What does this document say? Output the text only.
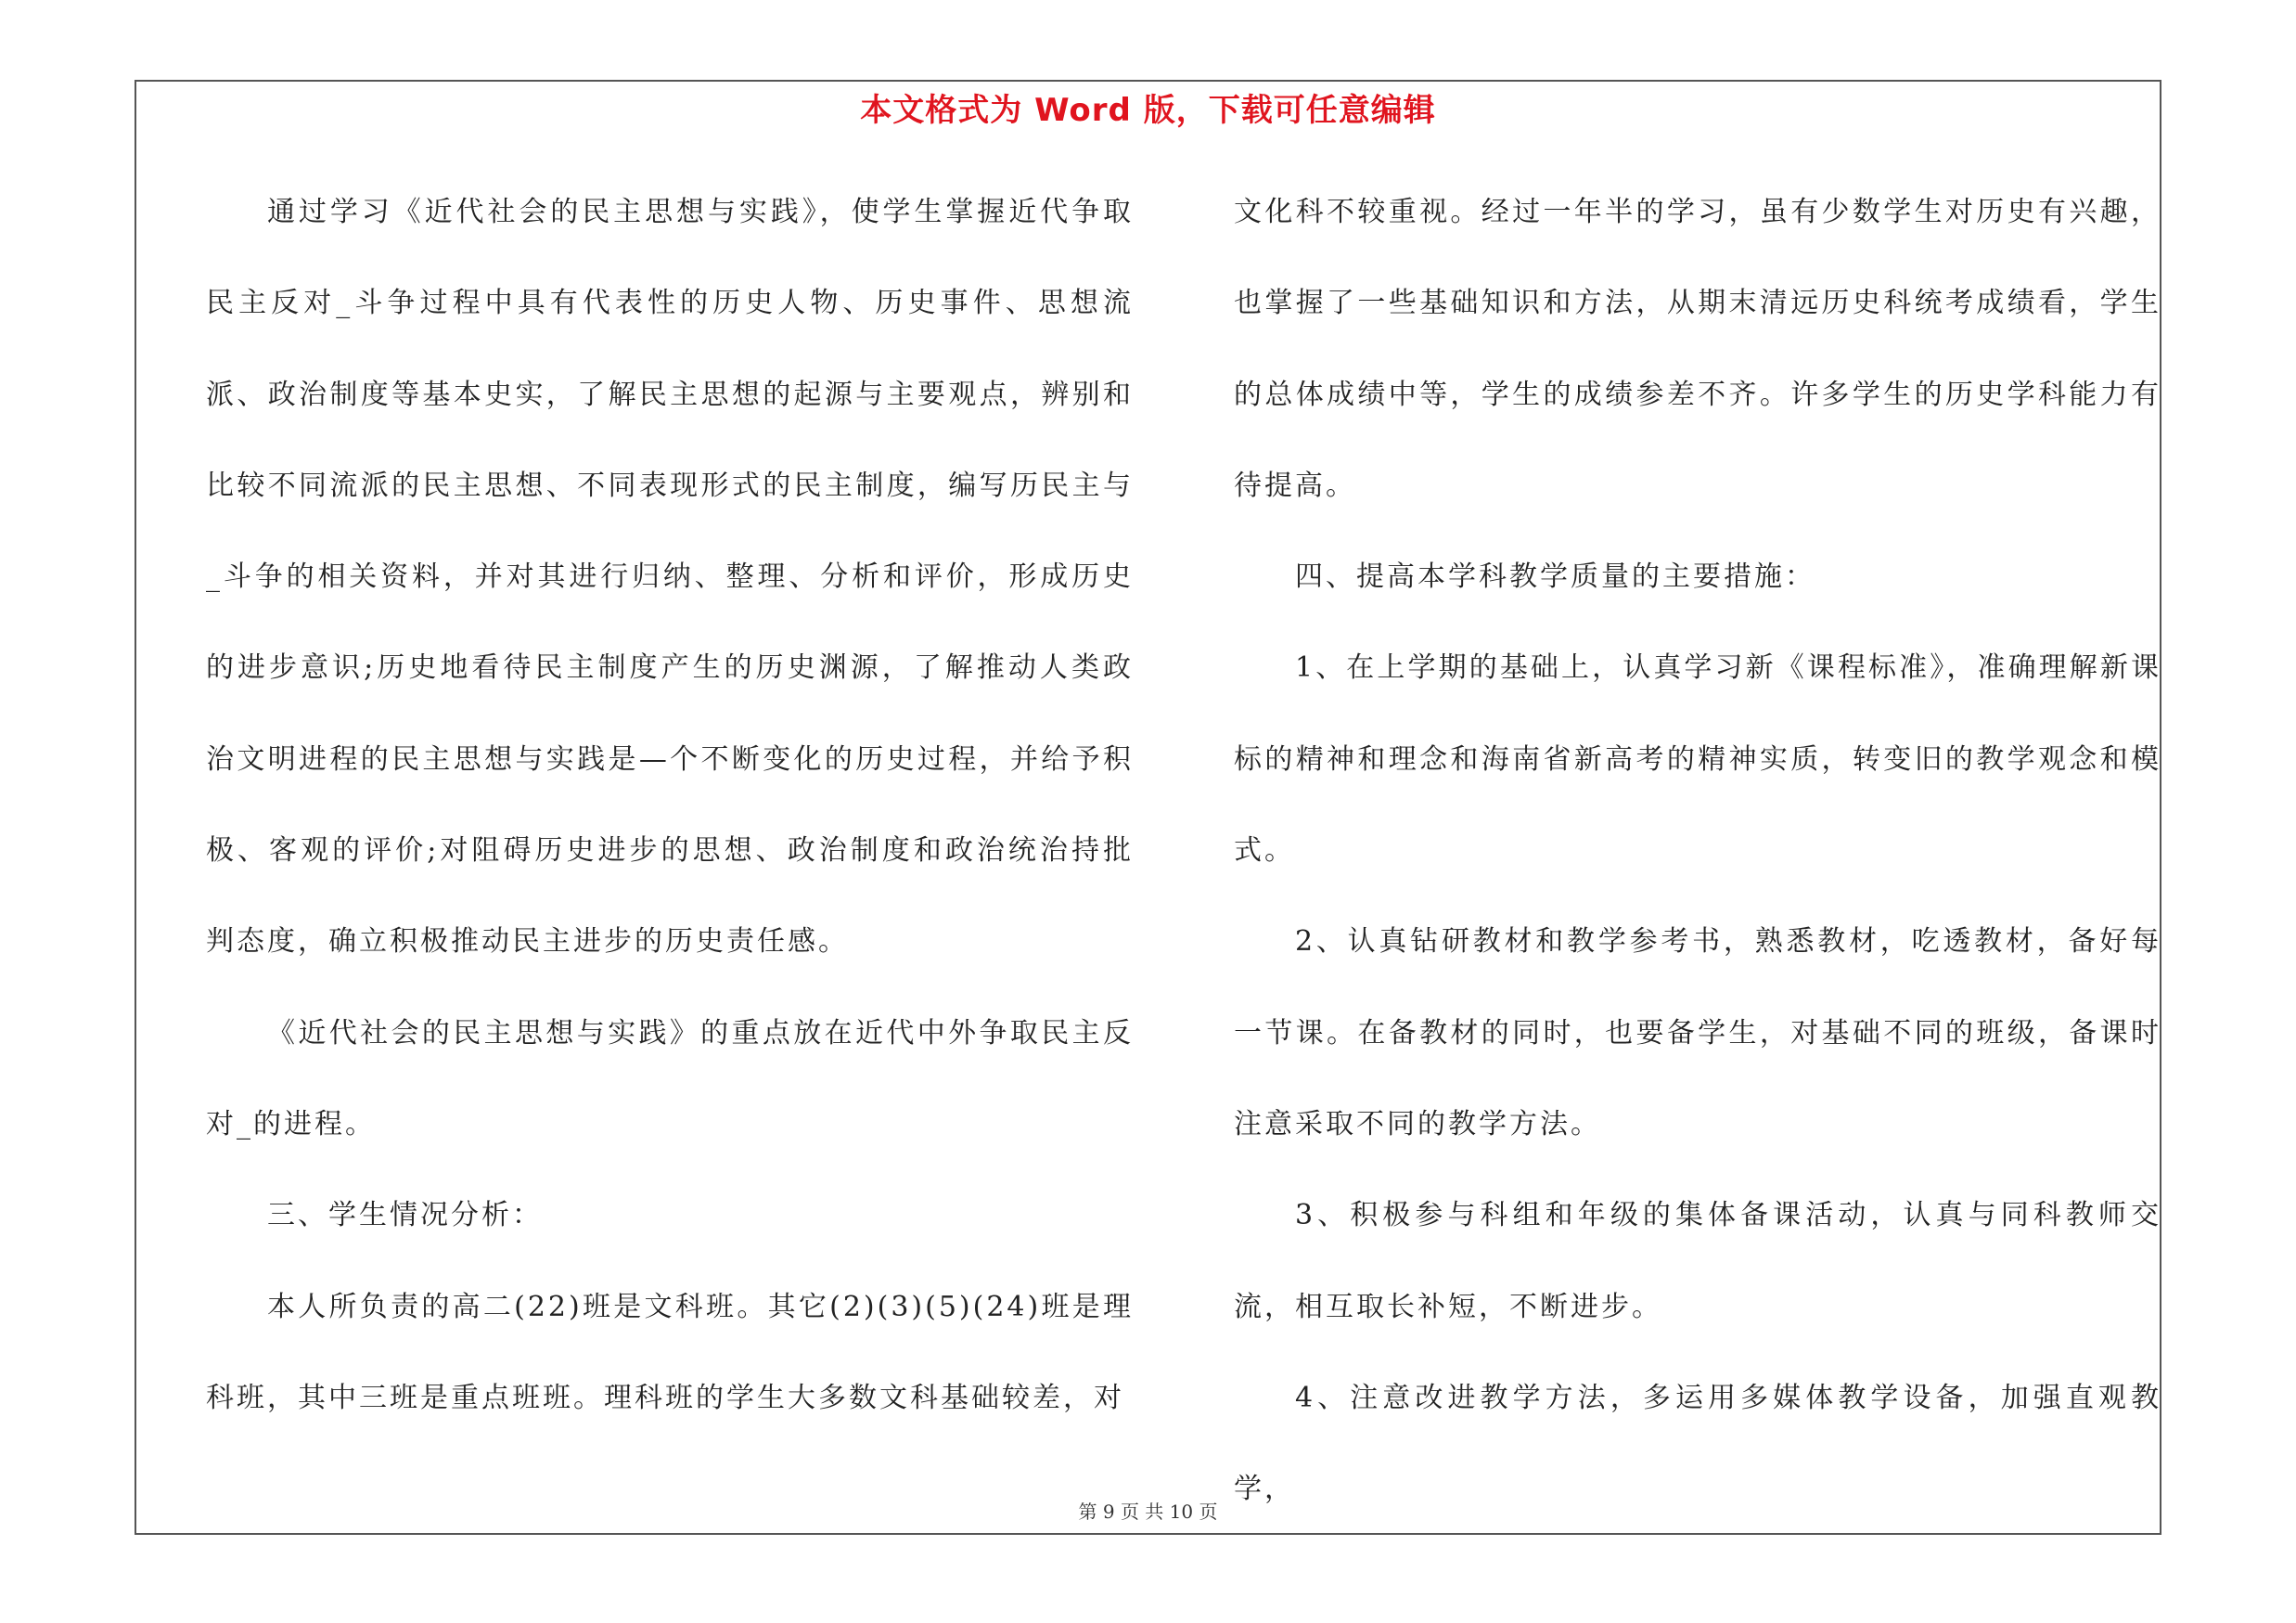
本文格式为 Word 版，下载可任意编辑

通过学习《近代社会的民主思想与实践》，使学生掌握近代争取民主反对_斗争过程中具有代表性的历史人物、历史事件、思想流派、政治制度等基本史实，了解民主思想的起源与主要观点，辨别和比较不同流派的民主思想、不同表现形式的民主制度，编写历民主与_斗争的相关资料，并对其进行归纳、整理、分析和评价，形成历史的进步意识;历史地看待民主制度产生的历史渊源，了解推动人类政治文明进程的民主思想与实践是—个不断变化的历史过程，并给予积极、客观的评价;对阻碍历史进步的思想、政治制度和政治统治持批判态度，确立积极推动民主进步的历史责任感。

《近代社会的民主思想与实践》的重点放在近代中外争取民主反对_的进程。

三、学生情况分析：

本人所负责的高二(22)班是文科班。其它(2)(3)(5)(24)班是理科班，其中三班是重点班班。理科班的学生大多数文科基础较差，对

文化科不较重视。经过一年半的学习，虽有少数学生对历史有兴趣，也掌握了一些基础知识和方法，从期末清远历史科统考成绩看，学生的总体成绩中等，学生的成绩参差不齐。许多学生的历史学科能力有待提高。

四、提高本学科教学质量的主要措施：

1、在上学期的基础上，认真学习新《课程标准》，准确理解新课标的精神和理念和海南省新高考的精神实质，转变旧的教学观念和模式。

2、认真钻研教材和教学参考书，熟悉教材，吃透教材，备好每一节课。在备教材的同时，也要备学生，对基础不同的班级，备课时注意采取不同的教学方法。

3、积极参与科组和年级的集体备课活动，认真与同科教师交流，相互取长补短，不断进步。

4、注意改进教学方法，多运用多媒体教学设备，加强直观教学，

第 9 页 共 10 页
